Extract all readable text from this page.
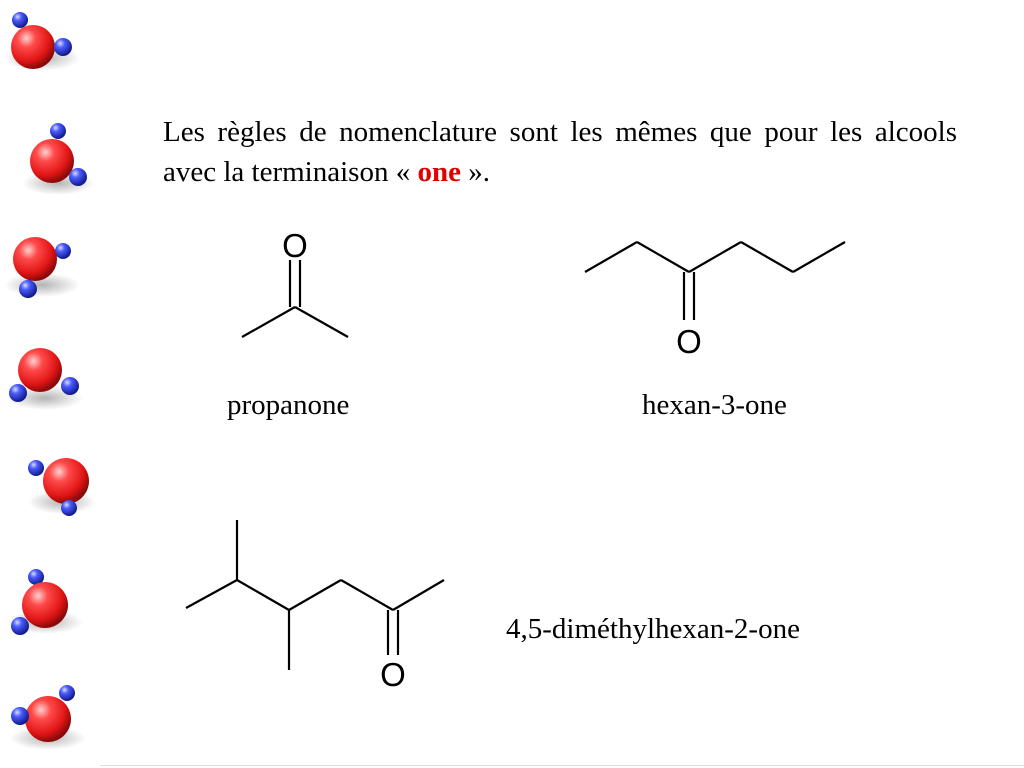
Les règles de nomenclature sont les mêmes que pour les alcools avec la terminaison « one ».

O
O
O
propanone	hexan-3-one
4,5-diméthylhexan-2-one
